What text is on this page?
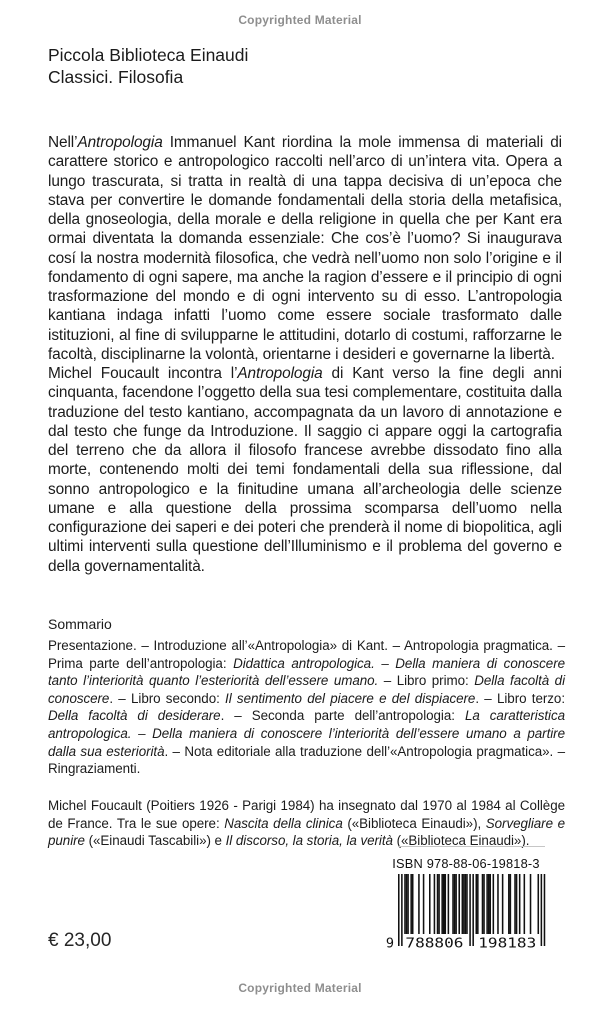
Copyrighted Material
Piccola Biblioteca Einaudi
Classici. Filosofia
Nell’Antropologia Immanuel Kant riordina la mole immensa di materiali di carattere storico e antropologico raccolti nell’arco di un’intera vita. Opera a lungo trascurata, si tratta in realtà di una tappa decisiva di un’epoca che stava per convertire le domande fondamentali della storia della metafisica, della gnoseologia, della morale e della religione in quella che per Kant era ormai diventata la domanda essenziale: Che cos’è l’uomo? Si inaugurava cosí la nostra modernità filosofica, che vedrà nell’uomo non solo l’origine e il fondamento di ogni sapere, ma anche la ragion d’essere e il principio di ogni trasformazione del mondo e di ogni intervento su di esso. L’antropologia kantiana indaga infatti l’uomo come essere sociale trasformato dalle istituzioni, al fine di svilupparne le attitudini, dotarlo di costumi, rafforzarne le facoltà, disciplinarne la volontà, orientarne i desideri e governarne la libertà.
Michel Foucault incontra l’Antropologia di Kant verso la fine degli anni cinquanta, facendone l’oggetto della sua tesi complementare, costituita dalla traduzione del testo kantiano, accompagnata da un lavoro di annotazione e dal testo che funge da Introduzione. Il saggio ci appare oggi la cartografia del terreno che da allora il filosofo francese avrebbe dissodato fino alla morte, contenendo molti dei temi fondamentali della sua riflessione, dal sonno antropologico e la finitudine umana all’archeologia delle scienze umane e alla questione della prossima scomparsa dell’uomo nella configurazione dei saperi e dei poteri che prenderà il nome di biopolitica, agli ultimi interventi sulla questione dell’Illuminismo e il problema del governo e della governamentalità.
Sommario
Presentazione. – Introduzione all’«Antropologia» di Kant. – Antropologia pragmatica. – Prima parte dell’antropologia: Didattica antropologica. – Della maniera di conoscere tanto l’interiorità quanto l’esteriorità dell’essere umano. – Libro primo: Della facoltà di conoscere. – Libro secondo: Il sentimento del piacere e del dispiacere. – Libro terzo: Della facoltà di desiderare. – Seconda parte dell’antropologia: La caratteristica antropologica. – Della maniera di conoscere l’interiorità dell’essere umano a partire dalla sua esteriorità. – Nota editoriale alla traduzione dell’«Antropologia pragmatica». – Ringraziamenti.
Michel Foucault (Poitiers 1926 - Parigi 1984) ha insegnato dal 1970 al 1984 al Collège de France. Tra le sue opere: Nascita della clinica («Biblioteca Einaudi»), Sorvegliare e punire («Einaudi Tascabili») e Il discorso, la storia, la verità («Biblioteca Einaudi»).
ISBN 978-88-06-19818-3
9 788806 198183
€ 23,00
Copyrighted Material
